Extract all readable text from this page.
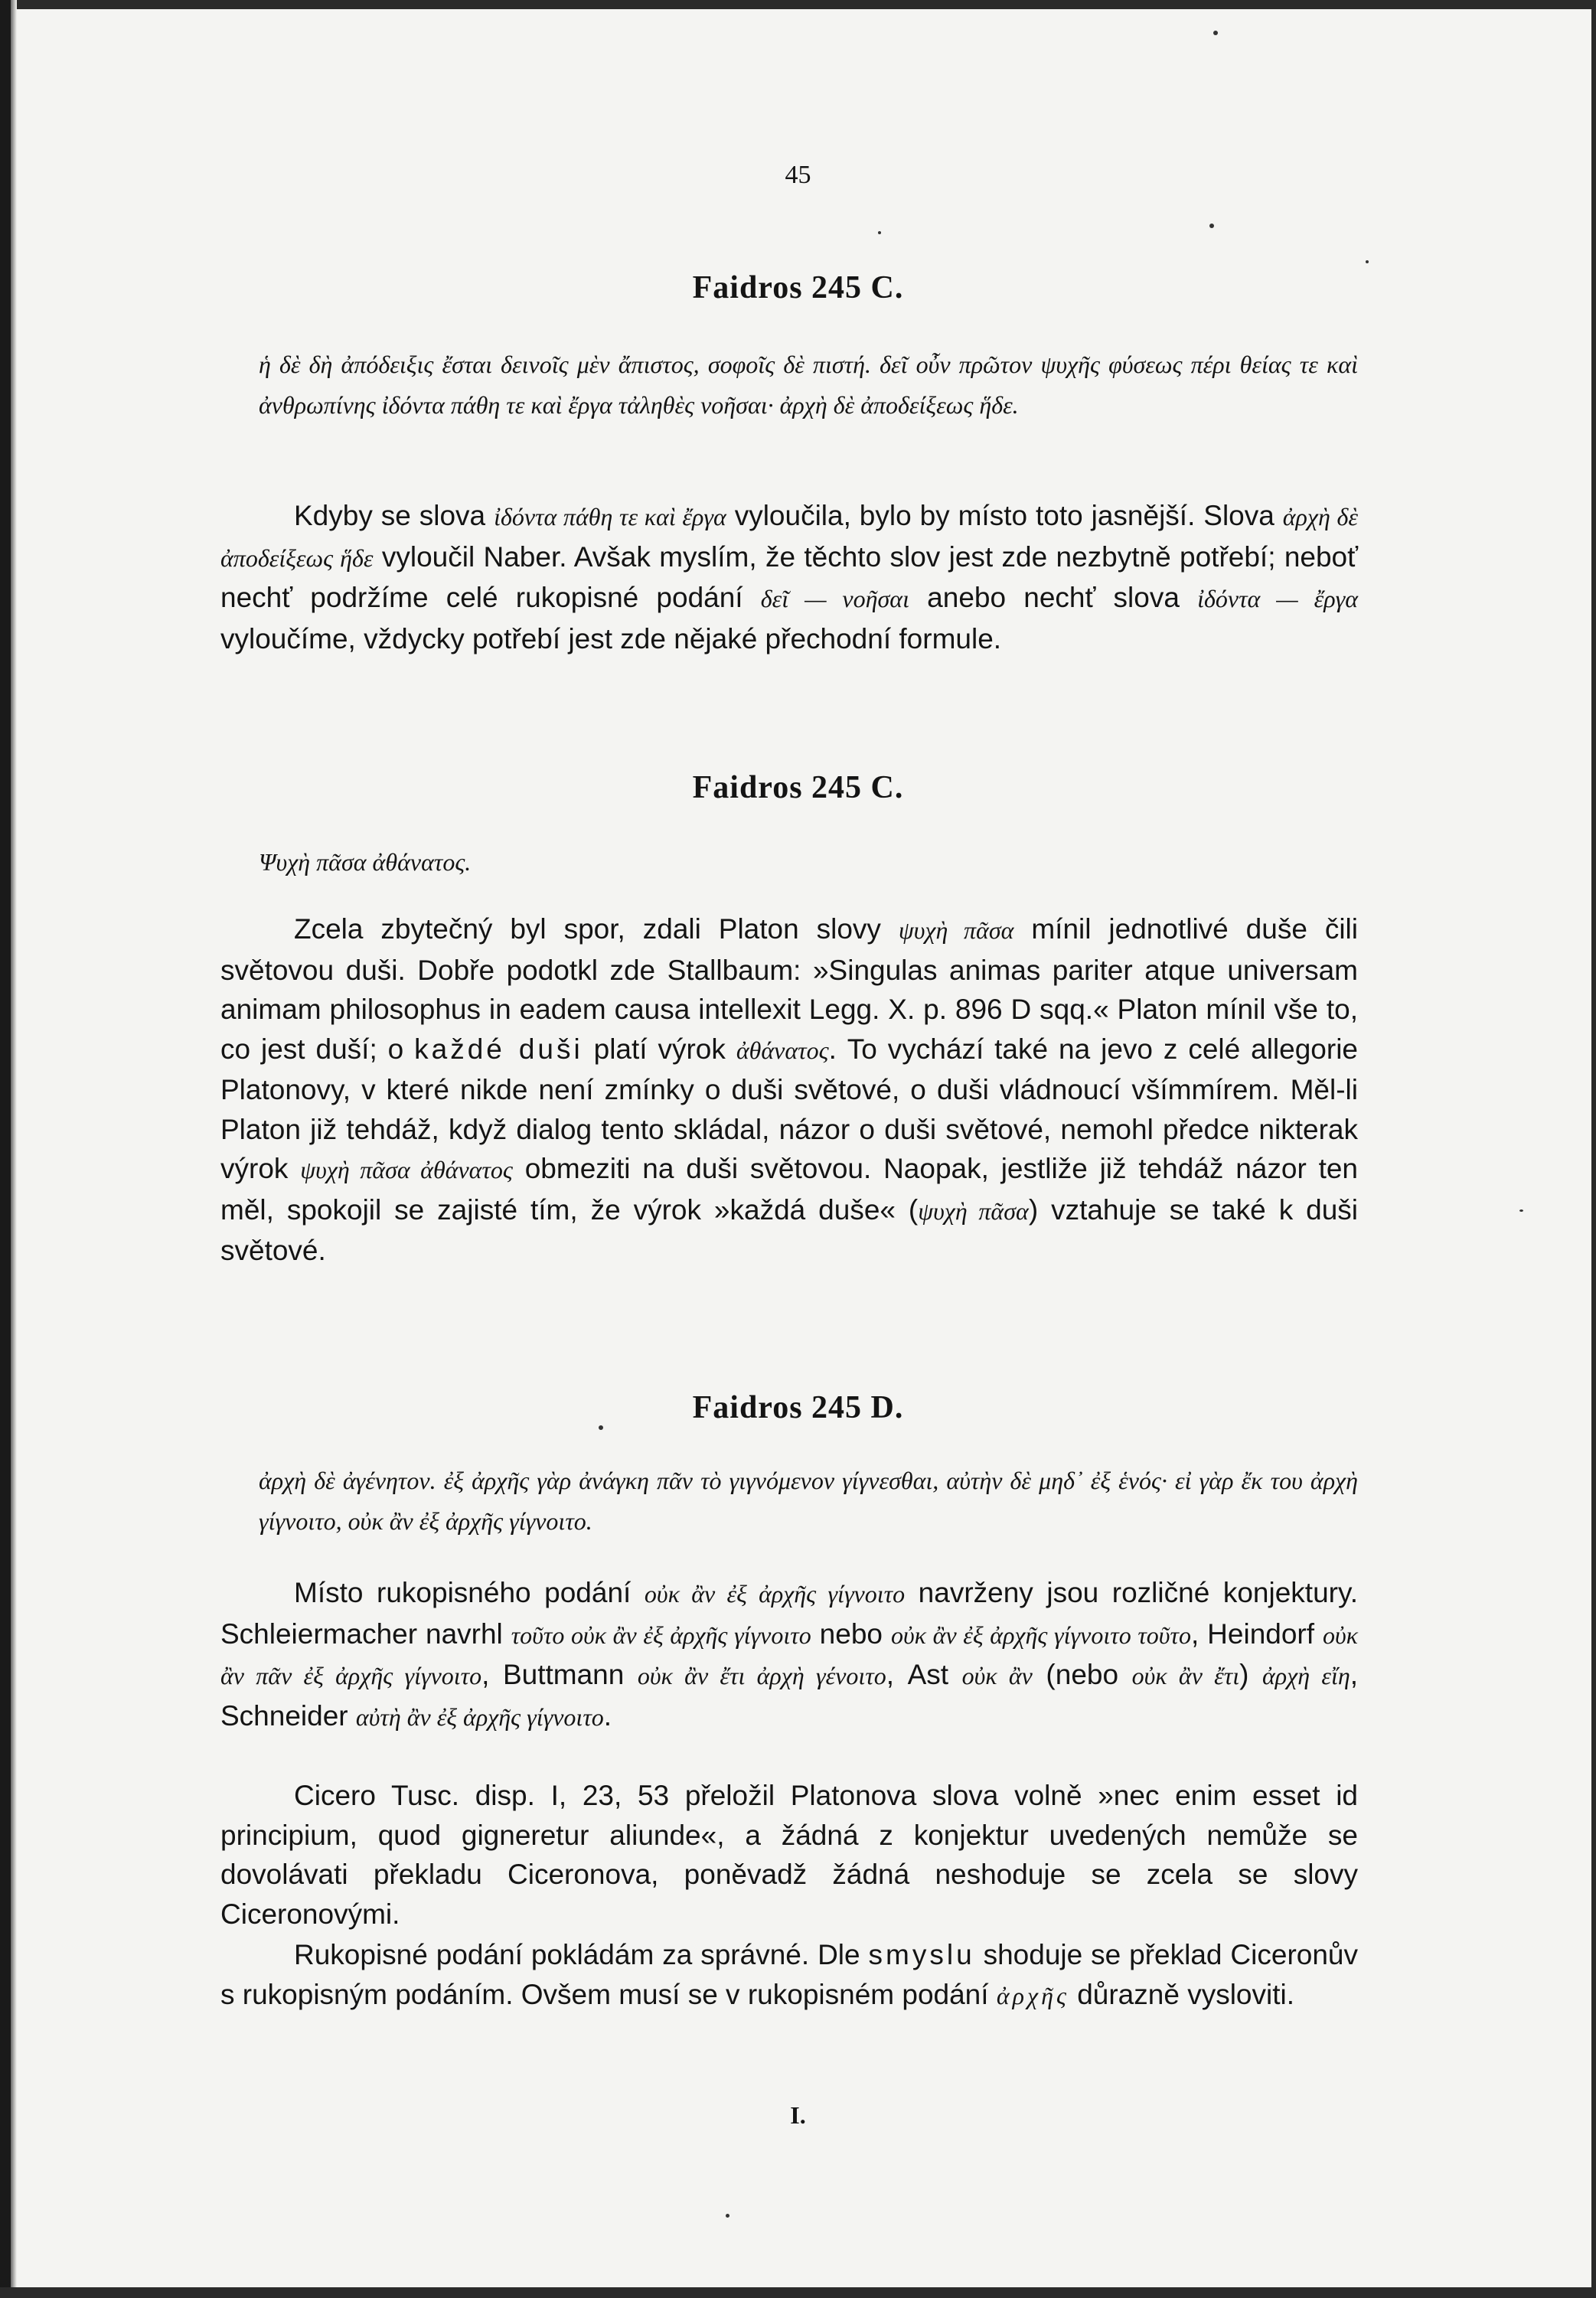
45
Faidros 245 C.
ἡ δὲ δὴ ἀπόδειξις ἔσται δεινοῖς μὲν ἄπιστος, σοφοῖς δὲ πιστή. δεῖ οὖν πρῶτον ψυχῆς φύσεως πέρι θείας τε καὶ ἀνθρωπίνης ἰδόντα πάθη τε καὶ ἔργα τἀληθὲς νοῆσαι· ἀρχὴ δὲ ἀποδείξεως ἥδε.
Kdyby se slova ἰδόντα πάθη τε καὶ ἔργα vyloučila, bylo by místo toto jasnější. Slova ἀρχὴ δὲ ἀποδείξεως ἥδε vyloučil Naber. Avšak myslím, že těchto slov jest zde nezbytně potřebí; neboť nechť podržíme celé rukopisné podání δεῖ — νοῆσαι anebo nechť slova ἰδόντα — ἔργα vyloučíme, vždycky potřebí jest zde nějaké přechodní formule.
Faidros 245 C.
Ψυχὴ πᾶσα ἀθάνατος.
Zcela zbytečný byl spor, zdali Platon slovy ψυχὴ πᾶσα mínil jednotlivé duše čili světovou duši. Dobře podotkl zde Stallbaum: »Singulas animas pariter atque universam animam philosophus in eadem causa intellexit Legg. X. p. 896 D sqq.« Platon mínil vše to, co jest duší; o každé duši platí výrok ἀθάνατος. To vychází také na jevo z celé allegorie Platonovy, v které nikde není zmínky o duši světové, o duši vládnoucí všímmírem. Měl-li Platon již tehdáž, když dialog tento skládal, názor o duši světové, nemohl předce nikterak výrok ψυχὴ πᾶσα ἀθάνατος obmeziti na duši světovou. Naopak, jestliže již tehdáž názor ten měl, spokojil se zajisté tím, že výrok »každá duše« (ψυχὴ πᾶσα) vztahuje se také k duši světové.
Faidros 245 D.
ἀρχὴ δὲ ἀγένητον. ἐξ ἀρχῆς γὰρ ἀνάγκη πᾶν τὸ γιγνόμενον γίγνεσθαι, αὐτὴν δὲ μηδ᾽ ἐξ ἑνός· εἰ γὰρ ἔκ του ἀρχὴ γίγνοιτο, οὐκ ἂν ἐξ ἀρχῆς γίγνοιτο.
Místo rukopisného podání οὐκ ἂν ἐξ ἀρχῆς γίγνοιτο navrženy jsou rozličné konjektury. Schleiermacher navrhl τοῦτο οὐκ ἂν ἐξ ἀρχῆς γίγνοιτο nebo οὐκ ἂν ἐξ ἀρχῆς γίγνοιτο τοῦτο, Heindorf οὐκ ἂν πᾶν ἐξ ἀρχῆς γίγνοιτο, Buttmann οὐκ ἂν ἔτι ἀρχὴ γένοιτο, Ast οὐκ ἂν (nebo οὐκ ἂν ἔτι) ἀρχὴ εἴη, Schneider αὐτὴ ἂν ἐξ ἀρχῆς γίγνοιτο.
Cicero Tusc. disp. I, 23, 53 přeložil Platonova slova volně »nec enim esset id principium, quod gigneretur aliunde«, a žádná z konjektur uvedených nemůže se dovolávati překladu Ciceronova, poněvadž žádná neshoduje se zcela se slovy Ciceronovými.
Rukopisné podání pokládám za správné. Dle smyslu shoduje se překlad Ciceronův s rukopisným podáním. Ovšem musí se v rukopisném podání ἀρχῆς důrazně vysloviti.
I.
